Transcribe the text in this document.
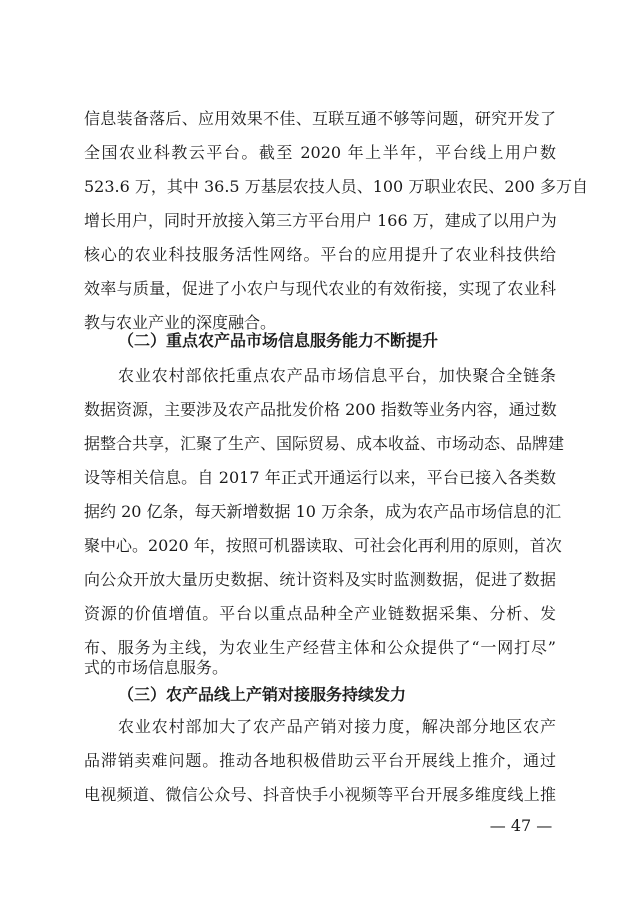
信息装备落后、应用效果不佳、互联互通不够等问题，研究开发了
全国农业科教云平台。截至 2020 年上半年，平台线上用户数
523.6 万，其中 36.5 万基层农技人员、100 万职业农民、200 多万自
增长用户，同时开放接入第三方平台用户 166 万，建成了以用户为
核心的农业科技服务活性网络。平台的应用提升了农业科技供给
效率与质量，促进了小农户与现代农业的有效衔接，实现了农业科
教与农业产业的深度融合。
（二）重点农产品市场信息服务能力不断提升
农业农村部依托重点农产品市场信息平台，加快聚合全链条
数据资源，主要涉及农产品批发价格 200 指数等业务内容，通过数
据整合共享，汇聚了生产、国际贸易、成本收益、市场动态、品牌建
设等相关信息。自 2017 年正式开通运行以来，平台已接入各类数
据约 20 亿条，每天新增数据 10 万余条，成为农产品市场信息的汇
聚中心。2020 年，按照可机器读取、可社会化再利用的原则，首次
向公众开放大量历史数据、统计资料及实时监测数据，促进了数据
资源的价值增值。平台以重点品种全产业链数据采集、分析、发
布、服务为主线，为农业生产经营主体和公众提供了“一网打尽”
式的市场信息服务。
（三）农产品线上产销对接服务持续发力
农业农村部加大了农产品产销对接力度，解决部分地区农产
品滞销卖难问题。推动各地积极借助云平台开展线上推介，通过
电视频道、微信公众号、抖音快手小视频等平台开展多维度线上推
— 47 —
